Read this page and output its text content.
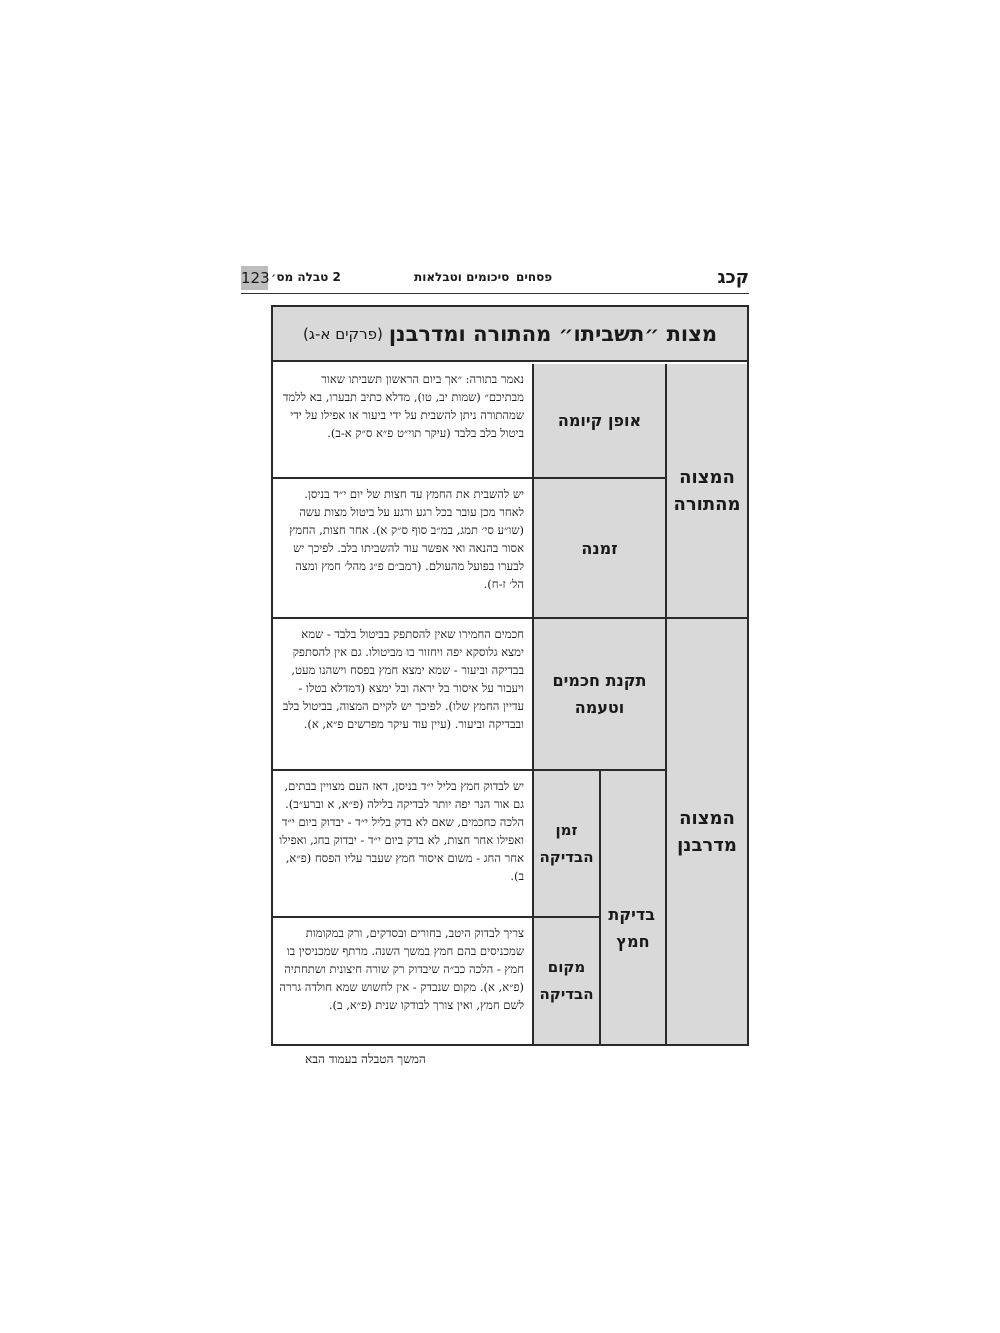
123 2 טבלה מס׳	סיכומים וטבלאות פסחים	קכג
מצות ״תשביתו״ מהתורה ומדרבנן
(פרקים א-ג)
המצוה מהתורה
המצוה מדרבנן
אופן קיומה
נאמר בתורה: ״אך ביום הראשון תשביתו שאור מבתיכם״ (שמות יב, טו), מדלא כתיב תבערו, בא ללמד שמהתורה ניתן להשבית על ידי ביעור או אפילו על ידי ביטול בלב בלבד (עיקר תוי״ט פ״א ס״ק א-ב).
זמנה
יש להשבית את החמץ עד חצות של יום י״ד בניסן. לאחר מכן עובר בכל רגע ורגע על ביטול מצות עשה (שו״ע סי׳ תמג, במ״ב סוף ס״ק א). אחר חצות, החמץ אסור בהנאה ואי אפשר עוד להשביתו בלב. לפיכך יש לבערו בפועל מהעולם. (רמב״ם פ״ג מהל׳ חמץ ומצה הל׳ ז-ח).
תקנת חכמים וטעמה
חכמים החמירו שאין להסתפק בביטול בלבד - שמא ימצא גלוסקא יפה ויחזור בו מביטולו. גם אין להסתפק בבדיקה וביעור - שמא ימצא חמץ בפסח וישהנו מעט, ויעבור על איסור בל יראה ובל ימצא (דמדלא בטלו - עדיין החמץ שלו). לפיכך יש לקיים המצוה, בביטול בלב ובבדיקה וביעור. (עיין עוד עיקר מפרשים פ״א, א).
בדיקת חמץ
זמן הבדיקה
יש לבדוק חמץ בליל י״ד בניסן, דאז העם מצויין בבתים, גם אור הנר יפה יותר לבדיקה בלילה (פ״א, א וברע״ב). הלכה כחכמים, שאם לא בדק בליל י״ד - יבדוק ביום י״ד ואפילו אחר חצות, לא בדק ביום י״ד - יבדוק בחג, ואפילו אחר החג - משום איסור חמץ שעבר עליו הפסח (פ״א, ב).
מקום הבדיקה
צריך לבדוק היטב, בחורים ובסדקים, ורק במקומות שמכניסים בהם חמץ במשך השנה. מרתף שמכניסין בו חמץ - הלכה כב״ה שיבדוק רק שורה חיצונית ושתחתיה (פ״א, א). מקום שנבדק - אין לחשוש שמא חולדה גררה לשם חמץ, ואין צורך לבודקו שנית (פ״א, ב).
המשך הטבלה בעמוד הבא
